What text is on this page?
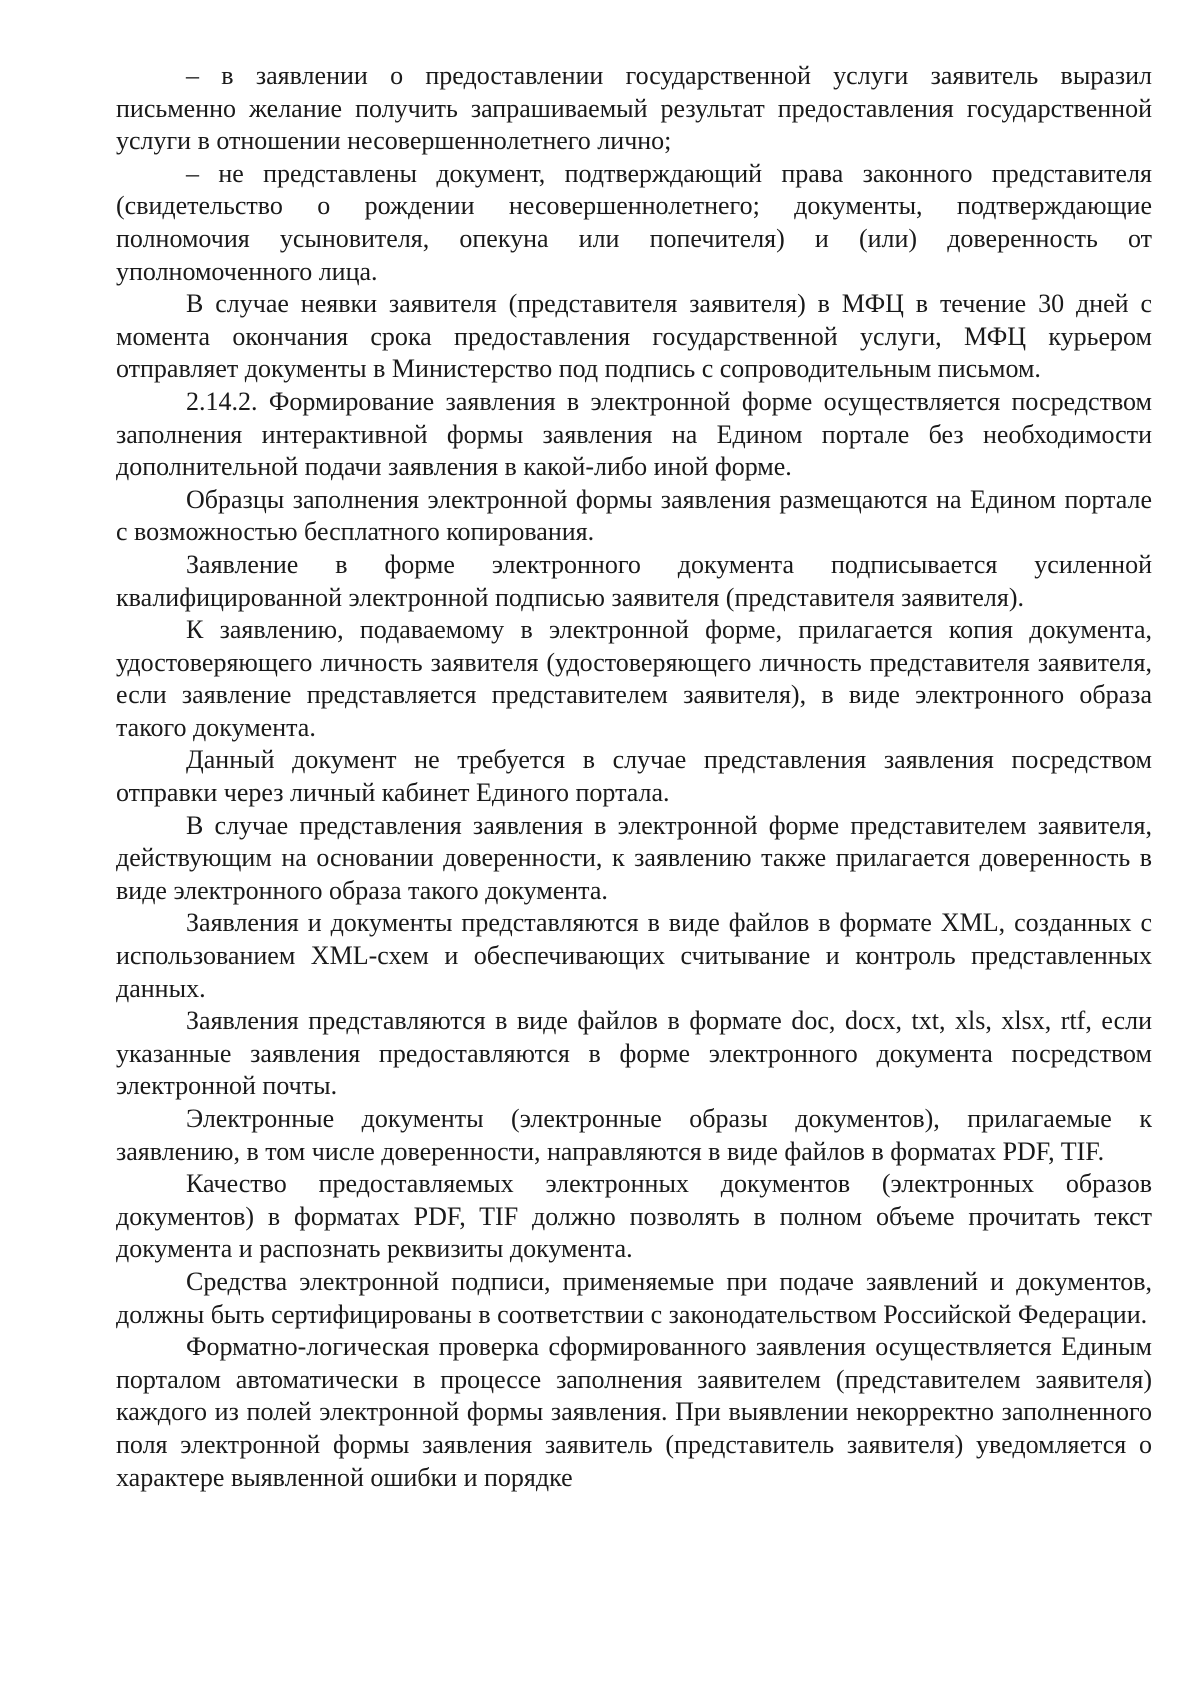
– в заявлении о предоставлении государственной услуги заявитель выразил письменно желание получить запрашиваемый результат предоставления государственной услуги в отношении несовершеннолетнего лично;

– не представлены документ, подтверждающий права законного представителя (свидетельство о рождении несовершеннолетнего; документы, подтверждающие полномочия усыновителя, опекуна или попечителя) и (или) доверенность от уполномоченного лица.

В случае неявки заявителя (представителя заявителя) в МФЦ в течение 30 дней с момента окончания срока предоставления государственной услуги, МФЦ курьером отправляет документы в Министерство под подпись с сопроводительным письмом.

2.14.2. Формирование заявления в электронной форме осуществляется посредством заполнения интерактивной формы заявления на Едином портале без необходимости дополнительной подачи заявления в какой-либо иной форме.

Образцы заполнения электронной формы заявления размещаются на Едином портале с возможностью бесплатного копирования.

Заявление в форме электронного документа подписывается усиленной квалифицированной электронной подписью заявителя (представителя заявителя).

К заявлению, подаваемому в электронной форме, прилагается копия документа, удостоверяющего личность заявителя (удостоверяющего личность представителя заявителя, если заявление представляется представителем заявителя), в виде электронного образа такого документа.

Данный документ не требуется в случае представления заявления посредством отправки через личный кабинет Единого портала.

В случае представления заявления в электронной форме представителем заявителя, действующим на основании доверенности, к заявлению также прилагается доверенность в виде электронного образа такого документа.

Заявления и документы представляются в виде файлов в формате XML, созданных с использованием XML-схем и обеспечивающих считывание и контроль представленных данных.

Заявления представляются в виде файлов в формате doc, docx, txt, xls, xlsx, rtf, если указанные заявления предоставляются в форме электронного документа посредством электронной почты.

Электронные документы (электронные образы документов), прилагаемые к заявлению, в том числе доверенности, направляются в виде файлов в форматах PDF, TIF.

Качество предоставляемых электронных документов (электронных образов документов) в форматах PDF, TIF должно позволять в полном объеме прочитать текст документа и распознать реквизиты документа.

Средства электронной подписи, применяемые при подаче заявлений и документов, должны быть сертифицированы в соответствии с законодательством Российской Федерации.

Форматно-логическая проверка сформированного заявления осуществляется Единым порталом автоматически в процессе заполнения заявителем (представителем заявителя) каждого из полей электронной формы заявления. При выявлении некорректно заполненного поля электронной формы заявления заявитель (представитель заявителя) уведомляется о характере выявленной ошибки и порядке
